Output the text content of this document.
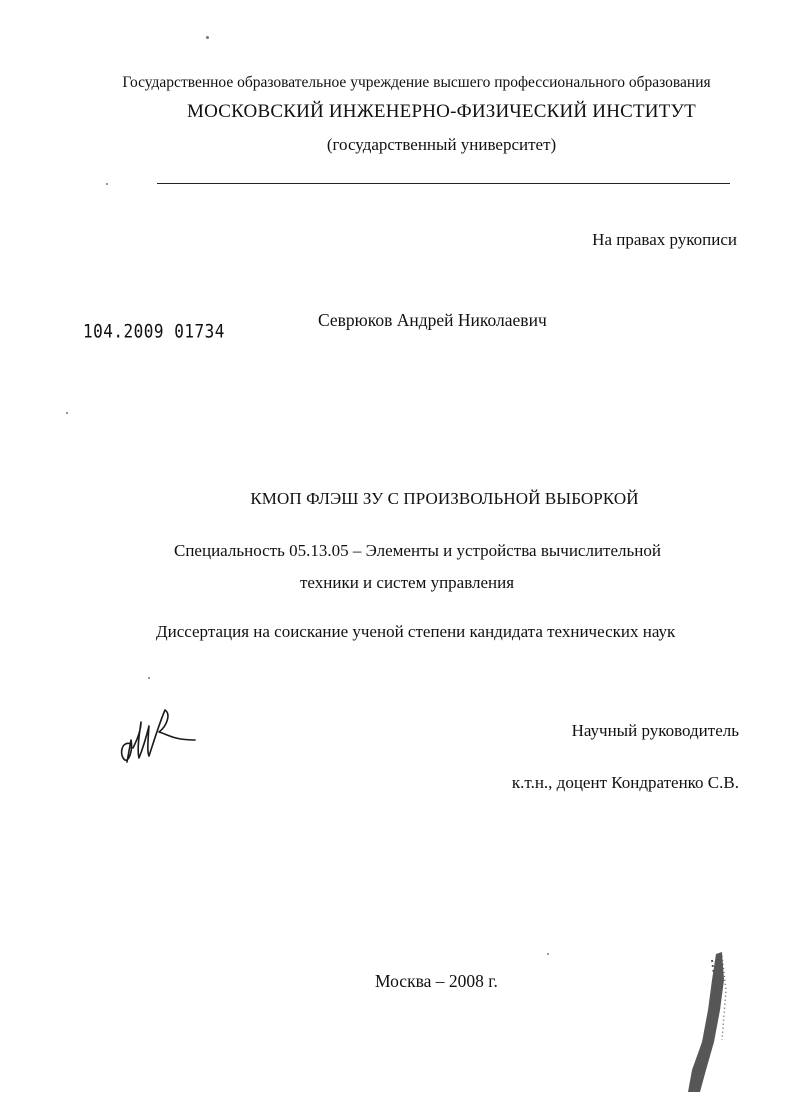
Государственное образовательное учреждение высшего профессионального образования
МОСКОВСКИЙ ИНЖЕНЕРНО-ФИЗИЧЕСКИЙ ИНСТИТУТ
(государственный университет)
На правах рукописи
104.2009 01734	Севрюков Андрей Николаевич
КМОП ФЛЭШ ЗУ С ПРОИЗВОЛЬНОЙ ВЫБОРКОЙ
Специальность 05.13.05 – Элементы и устройства вычислительной
техники и систем управления
Диссертация на соискание ученой степени кандидата технических наук
Научный руководитель
к.т.н., доцент Кондратенко С.В.
Москва – 2008 г.
